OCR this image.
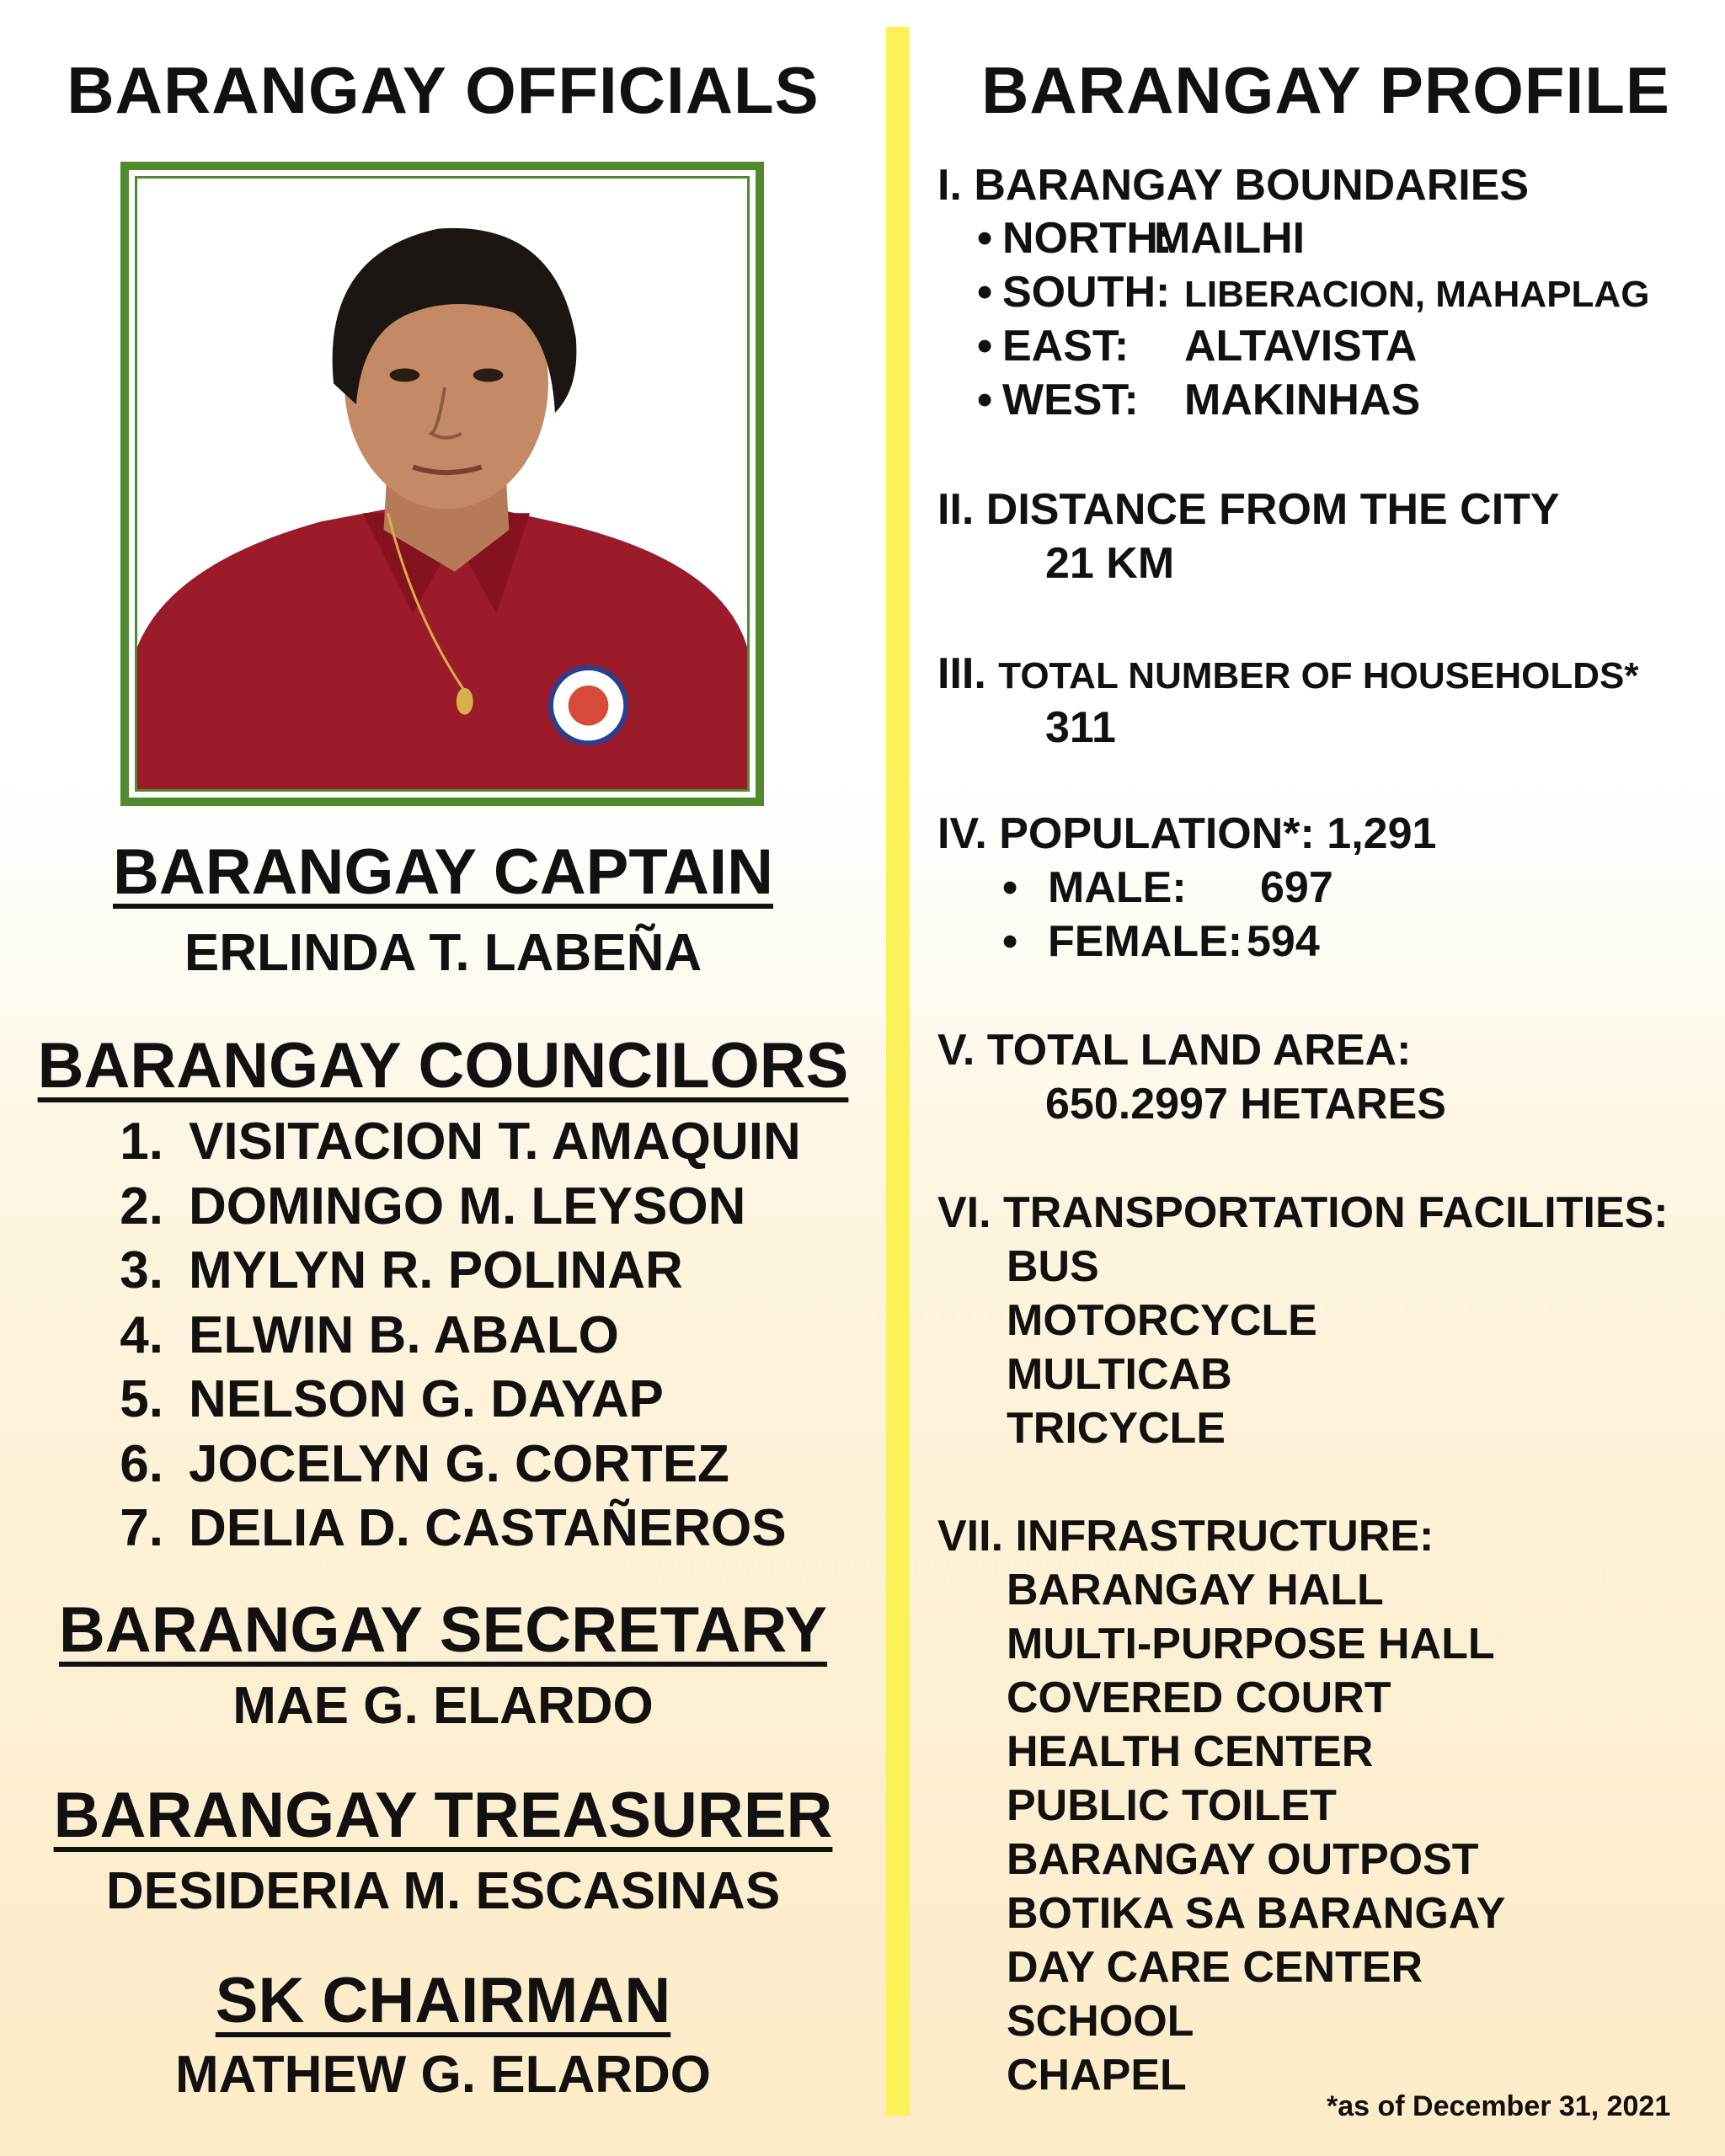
BARANGAY OFFICIALS
BARANGAY CAPTAIN
ERLINDA T. LABEÑA
BARANGAY COUNCILORS
1. VISITACION T. AMAQUIN
2. DOMINGO M. LEYSON
3. MYLYN R. POLINAR
4. ELWIN B. ABALO
5. NELSON G. DAYAP
6. JOCELYN G. CORTEZ
7. DELIA D. CASTAÑEROS
BARANGAY SECRETARY
MAE G. ELARDO
BARANGAY TREASURER
DESIDERIA M. ESCASINAS
SK CHAIRMAN
MATHEW G. ELARDO
BARANGAY PROFILE
I. BARANGAY BOUNDARIES
• NORTH:MAILHI
• SOUTH: LIBERACION, MAHAPLAG
• EAST: ALTAVISTA
• WEST: MAKINHAS
II. DISTANCE FROM THE CITY
21 KM
III. TOTAL NUMBER OF HOUSEHOLDS*
311
IV. POPULATION*: 1,291
• MALE: 697
• FEMALE:594
V. TOTAL LAND AREA:
650.2997 HETARES
VI. TRANSPORTATION FACILITIES:
BUS
MOTORCYCLE
MULTICAB
TRICYCLE
VII. INFRASTRUCTURE:
BARANGAY HALL
MULTI-PURPOSE HALL
COVERED COURT
HEALTH CENTER
PUBLIC TOILET
BARANGAY OUTPOST
BOTIKA SA BARANGAY
DAY CARE CENTER
SCHOOL
CHAPEL
*as of December 31, 2021
